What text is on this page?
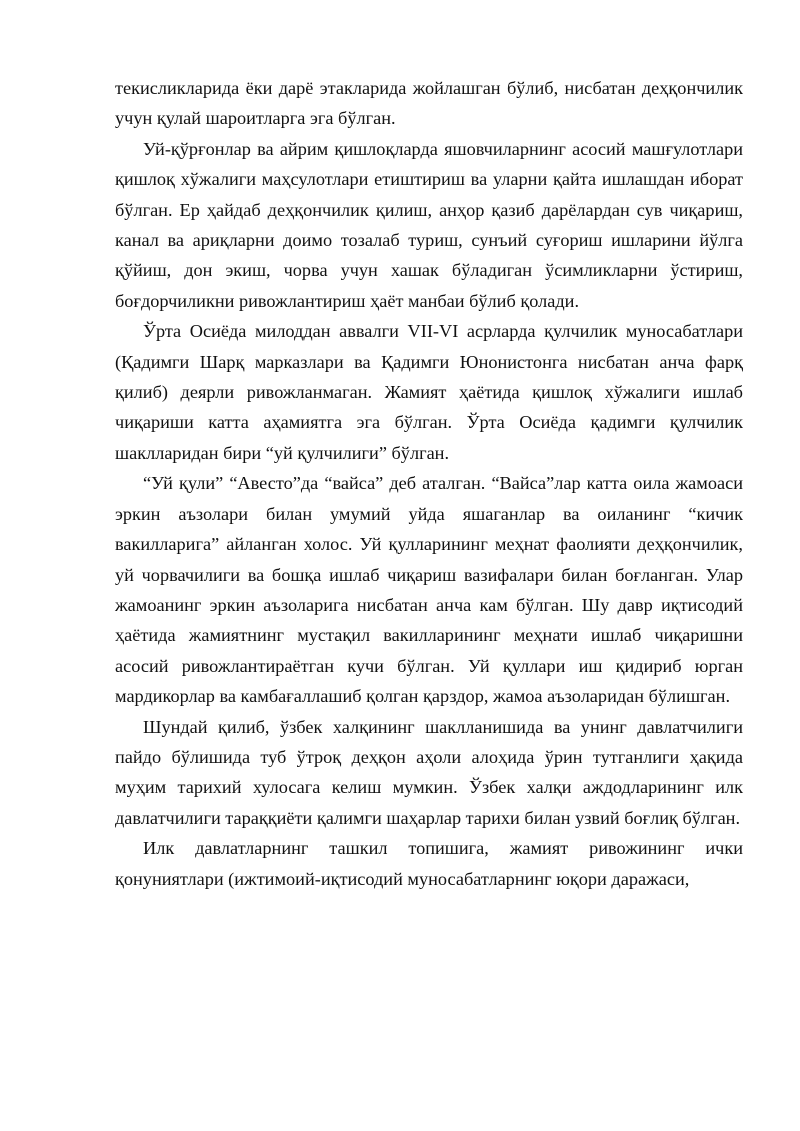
текисликларида ёки дарё этакларида жойлашган бўлиб, нисбатан деҳқончилик учун қулай шароитларга эга бўлган.

Уй-қўрғонлар ва айрим қишлоқларда яшовчиларнинг асосий машғулотлари қишлоқ хўжалиги маҳсулотлари етиштириш ва уларни қайта ишлашдан иборат бўлган. Ер ҳайдаб деҳқончилик қилиш, анҳор қазиб дарёлардан сув чиқариш, канал ва ариқларни доимо тозалаб туриш, сунъий суғориш ишларини йўлга қўйиш, дон экиш, чорва учун хашак бўладиган ўсимликларни ўстириш, боғдорчиликни ривожлантириш ҳаёт манбаи бўлиб қолади.

Ўрта Осиёда милоддан аввалги VII-VI асрларда қулчилик муносабатлари (Қадимги Шарқ марказлари ва Қадимги Юнонистонга нисбатан анча фарқ қилиб) деярли ривожланмаган. Жамият ҳаётида қишлоқ хўжалиги ишлаб чиқариши катта аҳамиятга эга бўлган. Ўрта Осиёда қадимги қулчилик шаклларидан бири “уй қулчилиги” бўлган.

“Уй қули” “Авесто”да “вайса” деб аталган. “Вайса”лар катта оила жамоаси эркин аъзолари билан умумий уйда яшаганлар ва оиланинг “кичик вакилларига” айланган холос. Уй қулларининг меҳнат фаолияти деҳқончилик, уй чорвачилиги ва бошқа ишлаб чиқариш вазифалари билан боғланган. Улар жамоанинг эркин аъзоларига нисбатан анча кам бўлган. Шу давр иқтисодий ҳаётида жамиятнинг мустақил вакилларининг меҳнати ишлаб чиқаришни асосий ривожлантираётган кучи бўлган. Уй қуллари иш қидириб юрган мардикорлар ва камбағаллашиб қолган қарздор, жамоа аъзоларидан бўлишган.

Шундай қилиб, ўзбек халқининг шаклланишида ва унинг давлатчилиги пайдо бўлишида туб ўтроқ деҳқон аҳоли алоҳида ўрин тутганлиги ҳақида муҳим тарихий хулосага келиш мумкин. Ўзбек халқи аждодларининг илк давлатчилиги тараққиёти қалимги шаҳарлар тарихи билан узвий боғлиқ бўлган.

Илк давлатларнинг ташкил топишига, жамият ривожининг ички қонуниятлари (ижтимоий-иқтисодий муносабатларнинг юқори даражаси,
